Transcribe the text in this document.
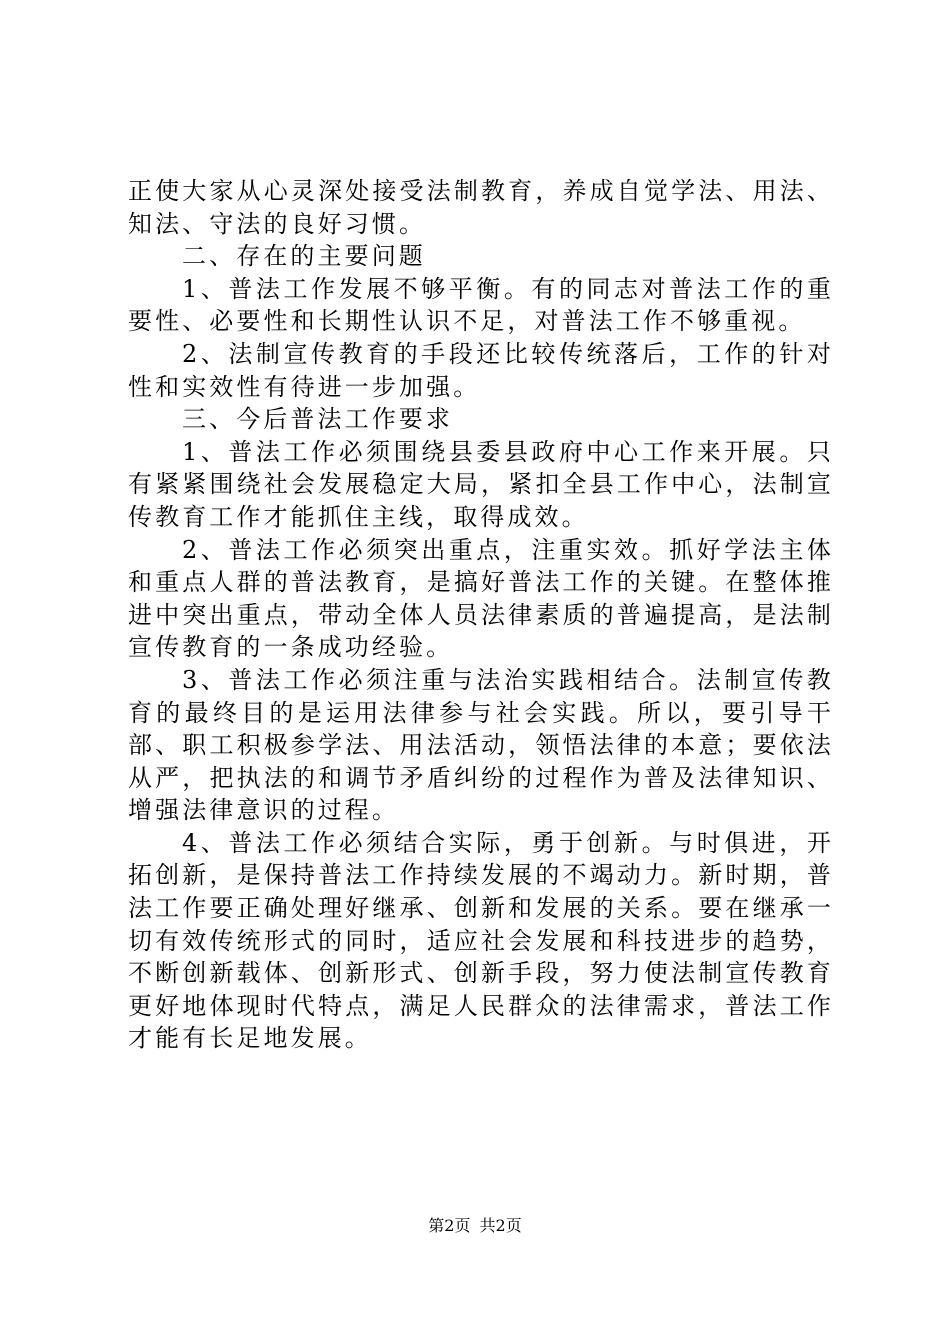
正使大家从心灵深处接受法制教育，养成自觉学法、用法、知法、守法的良好习惯。

二、存在的主要问题

1、普法工作发展不够平衡。有的同志对普法工作的重要性、必要性和长期性认识不足，对普法工作不够重视。

2、法制宣传教育的手段还比较传统落后，工作的针对性和实效性有待进一步加强。

三、今后普法工作要求

1、普法工作必须围绕县委县政府中心工作来开展。只有紧紧围绕社会发展稳定大局，紧扣全县工作中心，法制宣传教育工作才能抓住主线，取得成效。

2、普法工作必须突出重点，注重实效。抓好学法主体和重点人群的普法教育，是搞好普法工作的关键。在整体推进中突出重点，带动全体人员法律素质的普遍提高，是法制宣传教育的一条成功经验。

3、普法工作必须注重与法治实践相结合。法制宣传教育的最终目的是运用法律参与社会实践。所以，要引导干部、职工积极参学法、用法活动，领悟法律的本意；要依法从严，把执法的和调节矛盾纠纷的过程作为普及法律知识、增强法律意识的过程。

4、普法工作必须结合实际，勇于创新。与时俱进，开拓创新，是保持普法工作持续发展的不竭动力。新时期，普法工作要正确处理好继承、创新和发展的关系。要在继承一切有效传统形式的同时，适应社会发展和科技进步的趋势，不断创新载体、创新形式、创新手段，努力使法制宣传教育更好地体现时代特点，满足人民群众的法律需求，普法工作才能有长足地发展。

第2页 共2页
